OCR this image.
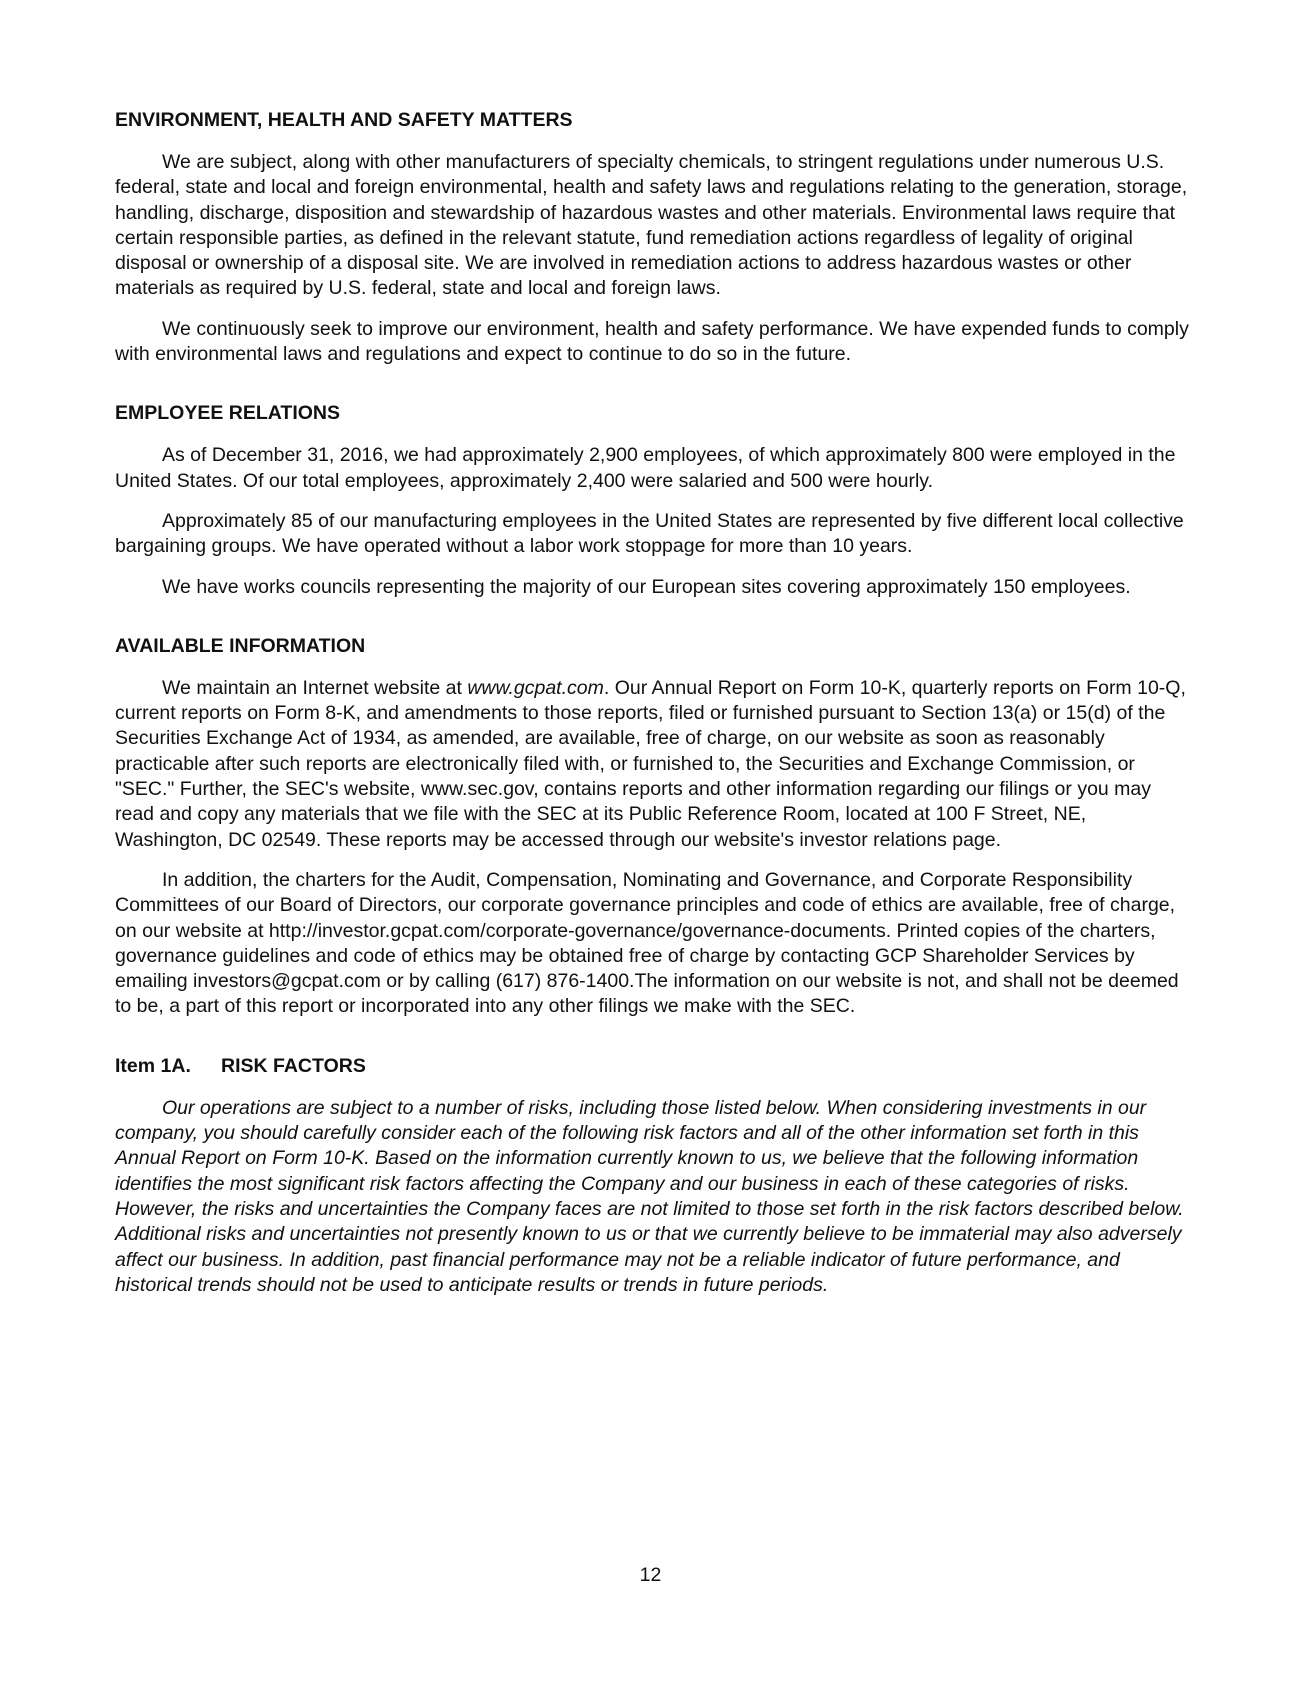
ENVIRONMENT, HEALTH AND SAFETY MATTERS

We are subject, along with other manufacturers of specialty chemicals, to stringent regulations under numerous U.S. federal, state and local and foreign environmental, health and safety laws and regulations relating to the generation, storage, handling, discharge, disposition and stewardship of hazardous wastes and other materials. Environmental laws require that certain responsible parties, as defined in the relevant statute, fund remediation actions regardless of legality of original disposal or ownership of a disposal site. We are involved in remediation actions to address hazardous wastes or other materials as required by U.S. federal, state and local and foreign laws.

We continuously seek to improve our environment, health and safety performance. We have expended funds to comply with environmental laws and regulations and expect to continue to do so in the future.

EMPLOYEE RELATIONS

As of December 31, 2016, we had approximately 2,900 employees, of which approximately 800 were employed in the United States. Of our total employees, approximately 2,400 were salaried and 500 were hourly.

Approximately 85 of our manufacturing employees in the United States are represented by five different local collective bargaining groups. We have operated without a labor work stoppage for more than 10 years.

We have works councils representing the majority of our European sites covering approximately 150 employees.

AVAILABLE INFORMATION

We maintain an Internet website at www.gcpat.com. Our Annual Report on Form 10-K, quarterly reports on Form 10-Q, current reports on Form 8-K, and amendments to those reports, filed or furnished pursuant to Section 13(a) or 15(d) of the Securities Exchange Act of 1934, as amended, are available, free of charge, on our website as soon as reasonably practicable after such reports are electronically filed with, or furnished to, the Securities and Exchange Commission, or "SEC." Further, the SEC's website, www.sec.gov, contains reports and other information regarding our filings or you may read and copy any materials that we file with the SEC at its Public Reference Room, located at 100 F Street, NE, Washington, DC 02549. These reports may be accessed through our website's investor relations page.

In addition, the charters for the Audit, Compensation, Nominating and Governance, and Corporate Responsibility Committees of our Board of Directors, our corporate governance principles and code of ethics are available, free of charge, on our website at http://investor.gcpat.com/corporate-governance/governance-documents. Printed copies of the charters, governance guidelines and code of ethics may be obtained free of charge by contacting GCP Shareholder Services by emailing investors@gcpat.com or by calling (617) 876-1400.The information on our website is not, and shall not be deemed to be, a part of this report or incorporated into any other filings we make with the SEC.

Item 1A. RISK FACTORS

Our operations are subject to a number of risks, including those listed below. When considering investments in our company, you should carefully consider each of the following risk factors and all of the other information set forth in this Annual Report on Form 10-K. Based on the information currently known to us, we believe that the following information identifies the most significant risk factors affecting the Company and our business in each of these categories of risks. However, the risks and uncertainties the Company faces are not limited to those set forth in the risk factors described below. Additional risks and uncertainties not presently known to us or that we currently believe to be immaterial may also adversely affect our business. In addition, past financial performance may not be a reliable indicator of future performance, and historical trends should not be used to anticipate results or trends in future periods.

12
